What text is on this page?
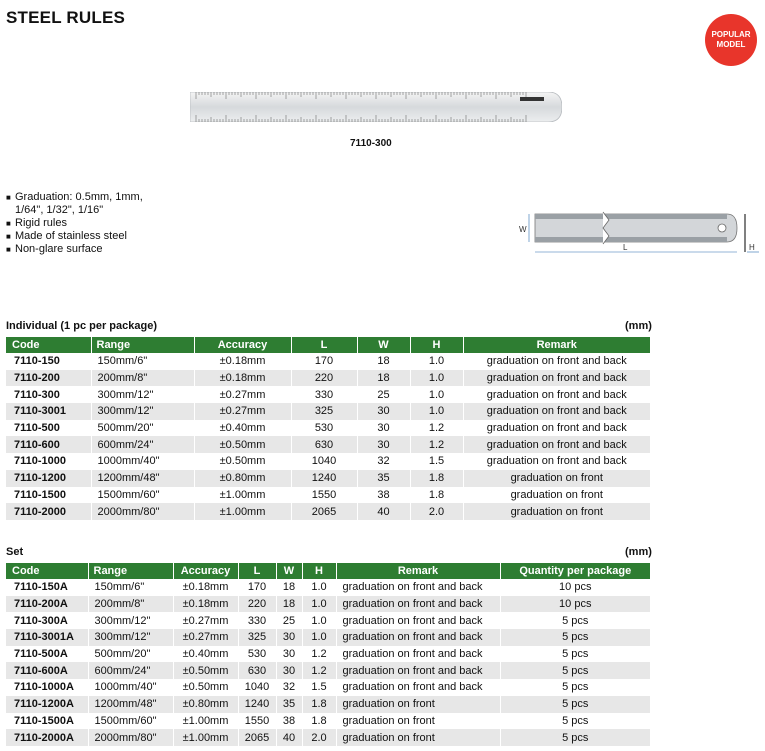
STEEL RULES
POPULAR
MODEL
7110-300
■ Graduation: 0.5mm, 1mm,
1/64", 1/32", 1/16"
■ Rigid rules
■ Made of stainless steel
■ Non-glare surface
W
L	H
Individual (1 pc per package)	(mm)
Code	Range	Accuracy	L	W	H	Remark
7110-150	150mm/6"	±0.18mm	170	18	1.0	graduation on front and back
7110-200	200mm/8"	±0.18mm	220	18	1.0	graduation on front and back
7110-300	300mm/12"	±0.27mm	330	25	1.0	graduation on front and back
7110-3001	300mm/12"	±0.27mm	325	30	1.0	graduation on front and back
7110-500	500mm/20"	±0.40mm	530	30	1.2	graduation on front and back
7110-600	600mm/24"	±0.50mm	630	30	1.2	graduation on front and back
7110-1000	1000mm/40"	±0.50mm	1040	32	1.5	graduation on front and back
7110-1200	1200mm/48"	±0.80mm	1240	35	1.8	graduation on front
7110-1500	1500mm/60"	±1.00mm	1550	38	1.8	graduation on front
7110-2000	2000mm/80"	±1.00mm	2065	40	2.0	graduation on front
Set	(mm)
Code	Range	Accuracy	L	W	H	Remark	Quantity per package
7110-150A	150mm/6"	±0.18mm	170	18	1.0	graduation on front and back	10 pcs
7110-200A	200mm/8"	±0.18mm	220	18	1.0	graduation on front and back	10 pcs
7110-300A	300mm/12"	±0.27mm	330	25	1.0	graduation on front and back	5 pcs
7110-3001A	300mm/12"	±0.27mm	325	30	1.0	graduation on front and back	5 pcs
7110-500A	500mm/20"	±0.40mm	530	30	1.2	graduation on front and back	5 pcs
7110-600A	600mm/24"	±0.50mm	630	30	1.2	graduation on front and back	5 pcs
7110-1000A	1000mm/40"	±0.50mm	1040	32	1.5	graduation on front and back	5 pcs
7110-1200A	1200mm/48"	±0.80mm	1240	35	1.8	graduation on front	5 pcs
7110-1500A	1500mm/60"	±1.00mm	1550	38	1.8	graduation on front	5 pcs
7110-2000A	2000mm/80"	±1.00mm	2065	40	2.0	graduation on front	5 pcs
